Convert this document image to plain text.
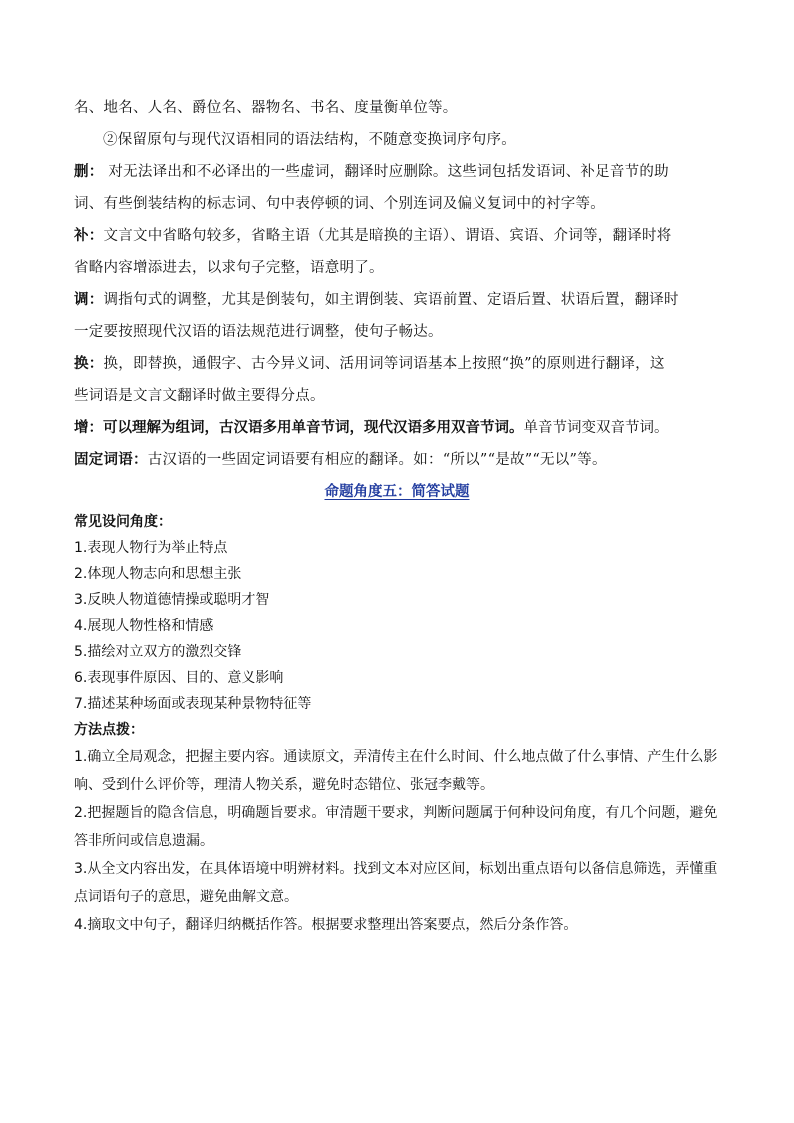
名、地名、人名、爵位名、器物名、书名、度量衡单位等。
②保留原句与现代汉语相同的语法结构，不随意变换词序句序。
删： 对无法译出和不必译出的一些虚词，翻译时应删除。这些词包括发语词、补足音节的助
词、有些倒装结构的标志词、句中表停顿的词、个别连词及偏义复词中的衬字等。
补：文言文中省略句较多，省略主语（尤其是暗换的主语）、谓语、宾语、介词等，翻译时将
省略内容增添进去，以求句子完整，语意明了。
调：调指句式的调整，尤其是倒装句，如主谓倒装、宾语前置、定语后置、状语后置，翻译时
一定要按照现代汉语的语法规范进行调整，使句子畅达。
换：换，即替换，通假字、古今异义词、活用词等词语基本上按照“换”的原则进行翻译，这
些词语是文言文翻译时做主要得分点。
增：可以理解为组词，古汉语多用单音节词，现代汉语多用双音节词。单音节词变双音节词。
固定词语：古汉语的一些固定词语要有相应的翻译。如：“所以”“是故”“无以”等。
命题角度五：简答试题
常见设问角度：
1.表现人物行为举止特点
2.体现人物志向和思想主张
3.反映人物道德情操或聪明才智
4.展现人物性格和情感
5.描绘对立双方的激烈交锋
6.表现事件原因、目的、意义影响
7.描述某种场面或表现某种景物特征等
方法点拨：
1.确立全局观念，把握主要内容。通读原文，弄清传主在什么时间、什么地点做了什么事情、产生什么影
响、受到什么评价等，理清人物关系，避免时态错位、张冠李戴等。
2.把握题旨的隐含信息，明确题旨要求。审清题干要求，判断问题属于何种设问角度，有几个问题，避免
答非所问或信息遗漏。
3.从全文内容出发，在具体语境中明辨材料。找到文本对应区间，标划出重点语句以备信息筛选，弄懂重
点词语句子的意思，避免曲解文意。
4.摘取文中句子，翻译归纳概括作答。根据要求整理出答案要点，然后分条作答。
